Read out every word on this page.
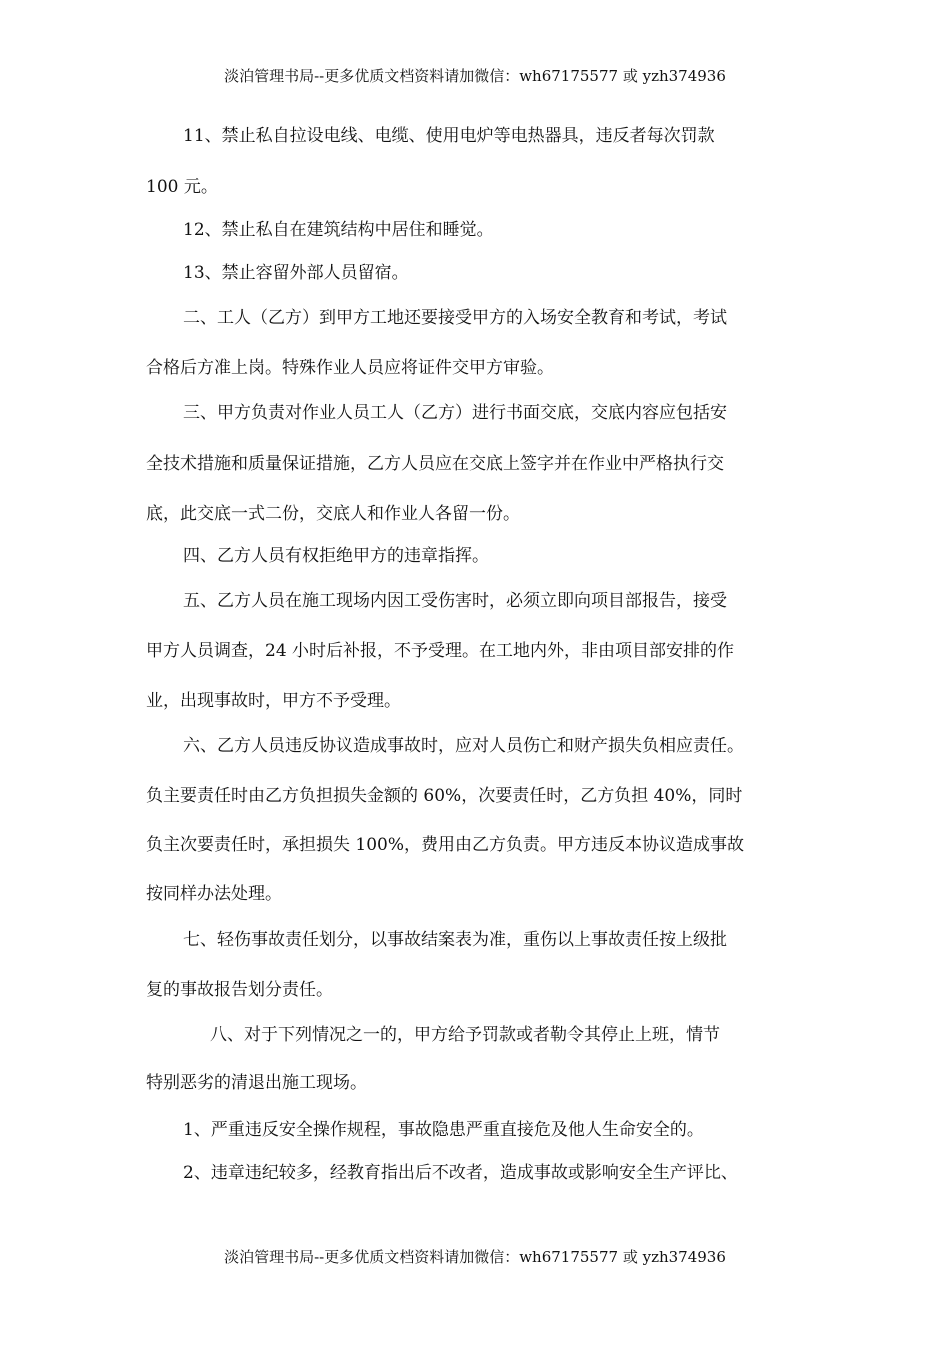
淡泊管理书局--更多优质文档资料请加微信：wh67175577 或 yzh374936
11、禁止私自拉设电线、电缆、使用电炉等电热器具，违反者每次罚款
100 元。
12、禁止私自在建筑结构中居住和睡觉。
13、禁止容留外部人员留宿。
二、工人（乙方）到甲方工地还要接受甲方的入场安全教育和考试，考试
合格后方准上岗。特殊作业人员应将证件交甲方审验。
三、甲方负责对作业人员工人（乙方）进行书面交底，交底内容应包括安
全技术措施和质量保证措施，乙方人员应在交底上签字并在作业中严格执行交
底，此交底一式二份，交底人和作业人各留一份。
四、乙方人员有权拒绝甲方的违章指挥。
五、乙方人员在施工现场内因工受伤害时，必须立即向项目部报告，接受
甲方人员调查，24 小时后补报，不予受理。在工地内外，非由项目部安排的作
业，出现事故时，甲方不予受理。
六、乙方人员违反协议造成事故时，应对人员伤亡和财产损失负相应责任。
负主要责任时由乙方负担损失金额的 60%，次要责任时，乙方负担 40%，同时
负主次要责任时，承担损失 100%，费用由乙方负责。甲方违反本协议造成事故
按同样办法处理。
七、轻伤事故责任划分，以事故结案表为准，重伤以上事故责任按上级批
复的事故报告划分责任。
八、对于下列情况之一的，甲方给予罚款或者勒令其停止上班，情节
特别恶劣的清退出施工现场。
1、严重违反安全操作规程，事故隐患严重直接危及他人生命安全的。
2、违章违纪较多，经教育指出后不改者，造成事故或影响安全生产评比、
淡泊管理书局--更多优质文档资料请加微信：wh67175577 或 yzh374936
